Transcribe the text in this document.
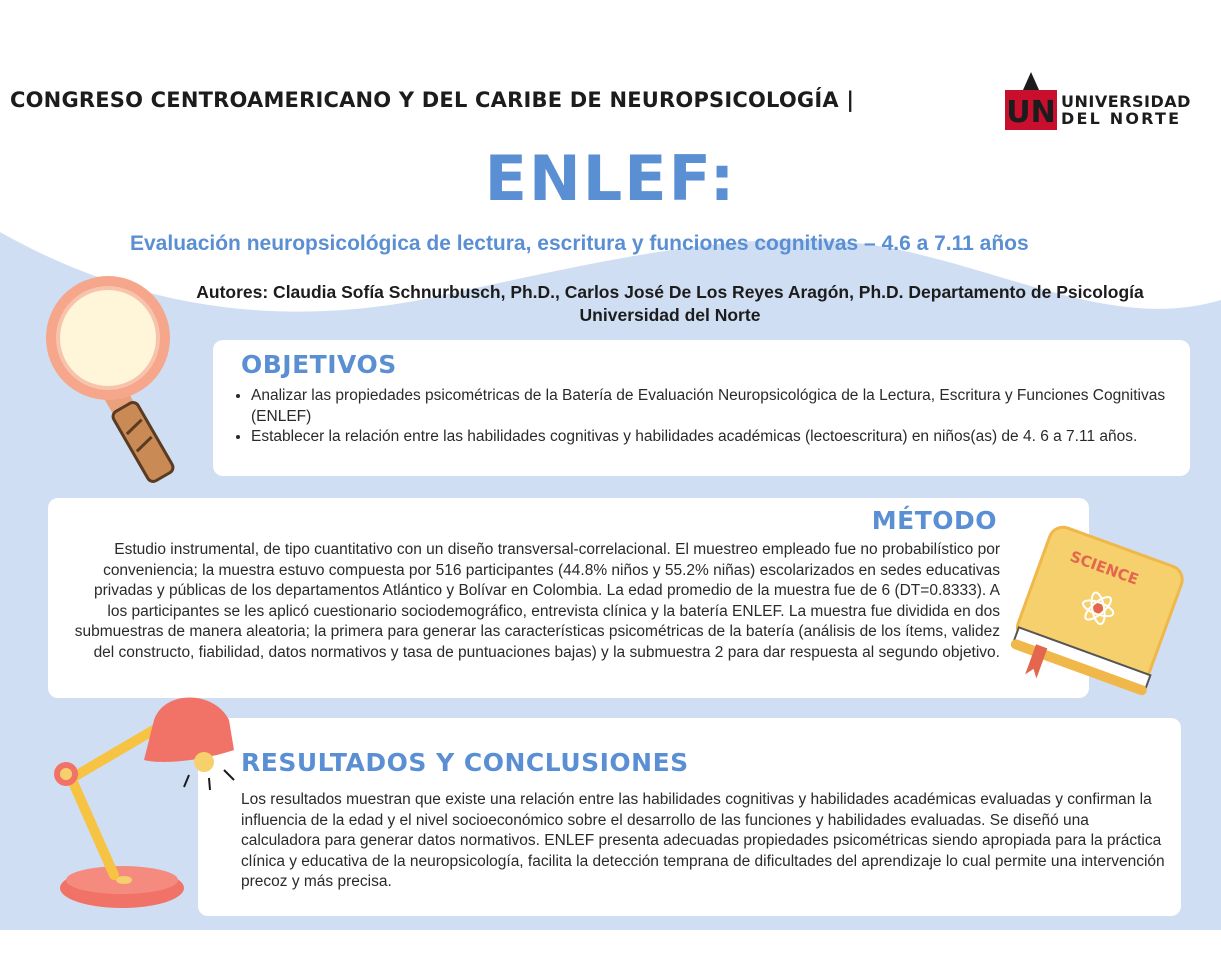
CONGRESO CENTROAMERICANO Y DEL CARIBE DE NEUROPSICOLOGÍA |	UN UNIVERSIDAD
DEL NORTE
ENLEF:
Evaluación neuropsicológica de lectura, escritura y funciones cognitivas – 4.6 a 7.11 años
Autores: Claudia Sofía Schnurbusch, Ph.D., Carlos José De Los Reyes Aragón, Ph.D. Departamento de Psicología
Universidad del Norte
OBJETIVOS
• Analizar las propiedades psicométricas de la Batería de Evaluación Neuropsicológica de la Lectura, Escritura y Funciones Cognitivas (ENLEF)
• Establecer la relación entre las habilidades cognitivas y habilidades académicas (lectoescritura) en niños(as) de 4. 6 a 7.11 años.
MÉTODO

Estudio instrumental, de tipo cuantitativo con un diseño transversal-correlacional. El muestreo empleado fue no probabilístico por conveniencia; la muestra estuvo compuesta por 516 participantes (44.8% niños y 55.2% niñas) escolarizados en sedes educativas privadas y públicas de los departamentos Atlántico y Bolívar en Colombia. La edad promedio de la muestra fue de 6 (DT=0.8333). A los participantes se les aplicó cuestionario sociodemográfico, entrevista clínica y la batería ENLEF. La muestra fue dividida en dos submuestras de manera aleatoria; la primera para generar las características psicométricas de la batería (análisis de los ítems, validez del constructo, fiabilidad, datos normativos y tasa de puntuaciones bajas) y la submuestra 2 para dar respuesta al segundo objetivo.

SCIENCE
RESULTADOS Y CONCLUSIONES

Los resultados muestran que existe una relación entre las habilidades cognitivas y habilidades académicas evaluadas y confirman la influencia de la edad y el nivel socioeconómico sobre el desarrollo de las funciones y habilidades evaluadas. Se diseñó una calculadora para generar datos normativos. ENLEF presenta adecuadas propiedades psicométricas siendo apropiada para la práctica clínica y educativa de la neuropsicología, facilita la detección temprana de dificultades del aprendizaje lo cual permite una intervención precoz y más precisa.
